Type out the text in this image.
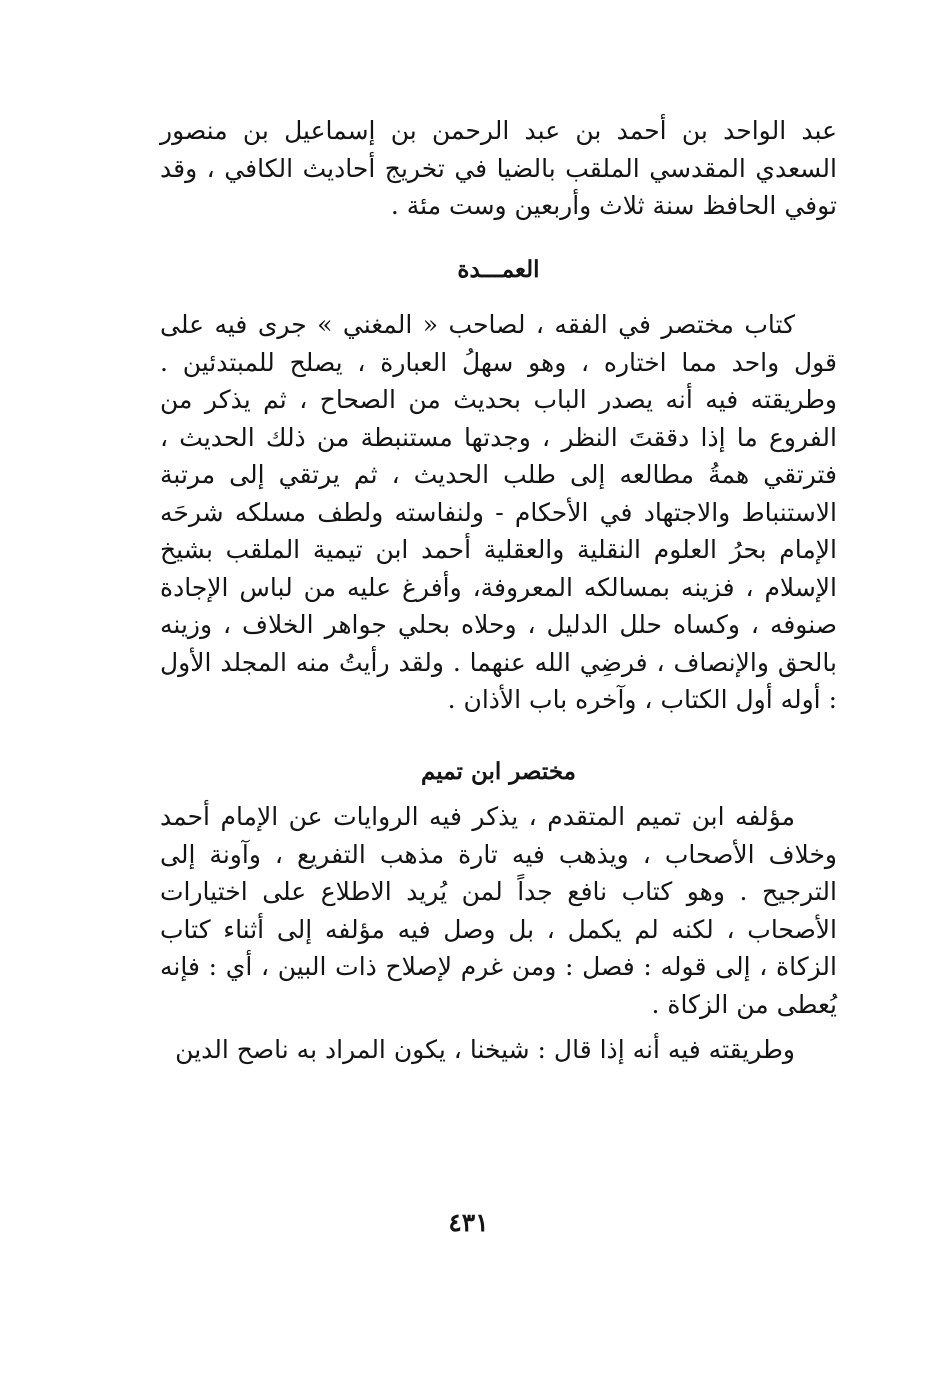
عبد الواحد بن أحمد بن عبد الرحمن بن إسماعيل بن منصور السعدي المقدسي الملقب بالضيا في تخريج أحاديث الكافي ، وقد توفي الحافظ سنة ثلاث وأربعين وست مئة .

العمـــدة

كتاب مختصر في الفقه ، لصاحب « المغني » جرى فيه على قول واحد مما اختاره ، وهو سهلُ العبارة ، يصلح للمبتدئين . وطريقته فيه أنه يصدر الباب بحديث من الصحاح ، ثم يذكر من الفروع ما إذا دققتَ النظر ، وجدتها مستنبطة من ذلك الحديث ، فترتقي همةُ مطالعه إلى طلب الحديث ، ثم يرتقي إلى مرتبة الاستنباط والاجتهاد في الأحكام - ولنفاسته ولطف مسلكه شرحَه الإمام بحرُ العلوم النقلية والعقلية أحمد ابن تيمية الملقب بشيخ الإسلام ، فزينه بمسالكه المعروفة، وأفرغ عليه من لباس الإجادة صنوفه ، وكساه حلل الدليل ، وحلاه بحلي جواهر الخلاف ، وزينه بالحق والإنصاف ، فرضِي الله عنهما . ولقد رأيتُ منه المجلد الأول : أوله أول الكتاب ، وآخره باب الأذان .

مختصر ابن تميم

مؤلفه ابن تميم المتقدم ، يذكر فيه الروايات عن الإمام أحمد وخلاف الأصحاب ، ويذهب فيه تارة مذهب التفريع ، وآونة إلى الترجيح . وهو كتاب نافع جداً لمن يُريد الاطلاع على اختيارات الأصحاب ، لكنه لم يكمل ، بل وصل فيه مؤلفه إلى أثناء كتاب الزكاة ، إلى قوله : فصل : ومن غرم لإصلاح ذات البين ، أي : فإنه يُعطى من الزكاة .

وطريقته فيه أنه إذا قال : شيخنا ، يكون المراد به ناصح الدين

٤٣١
